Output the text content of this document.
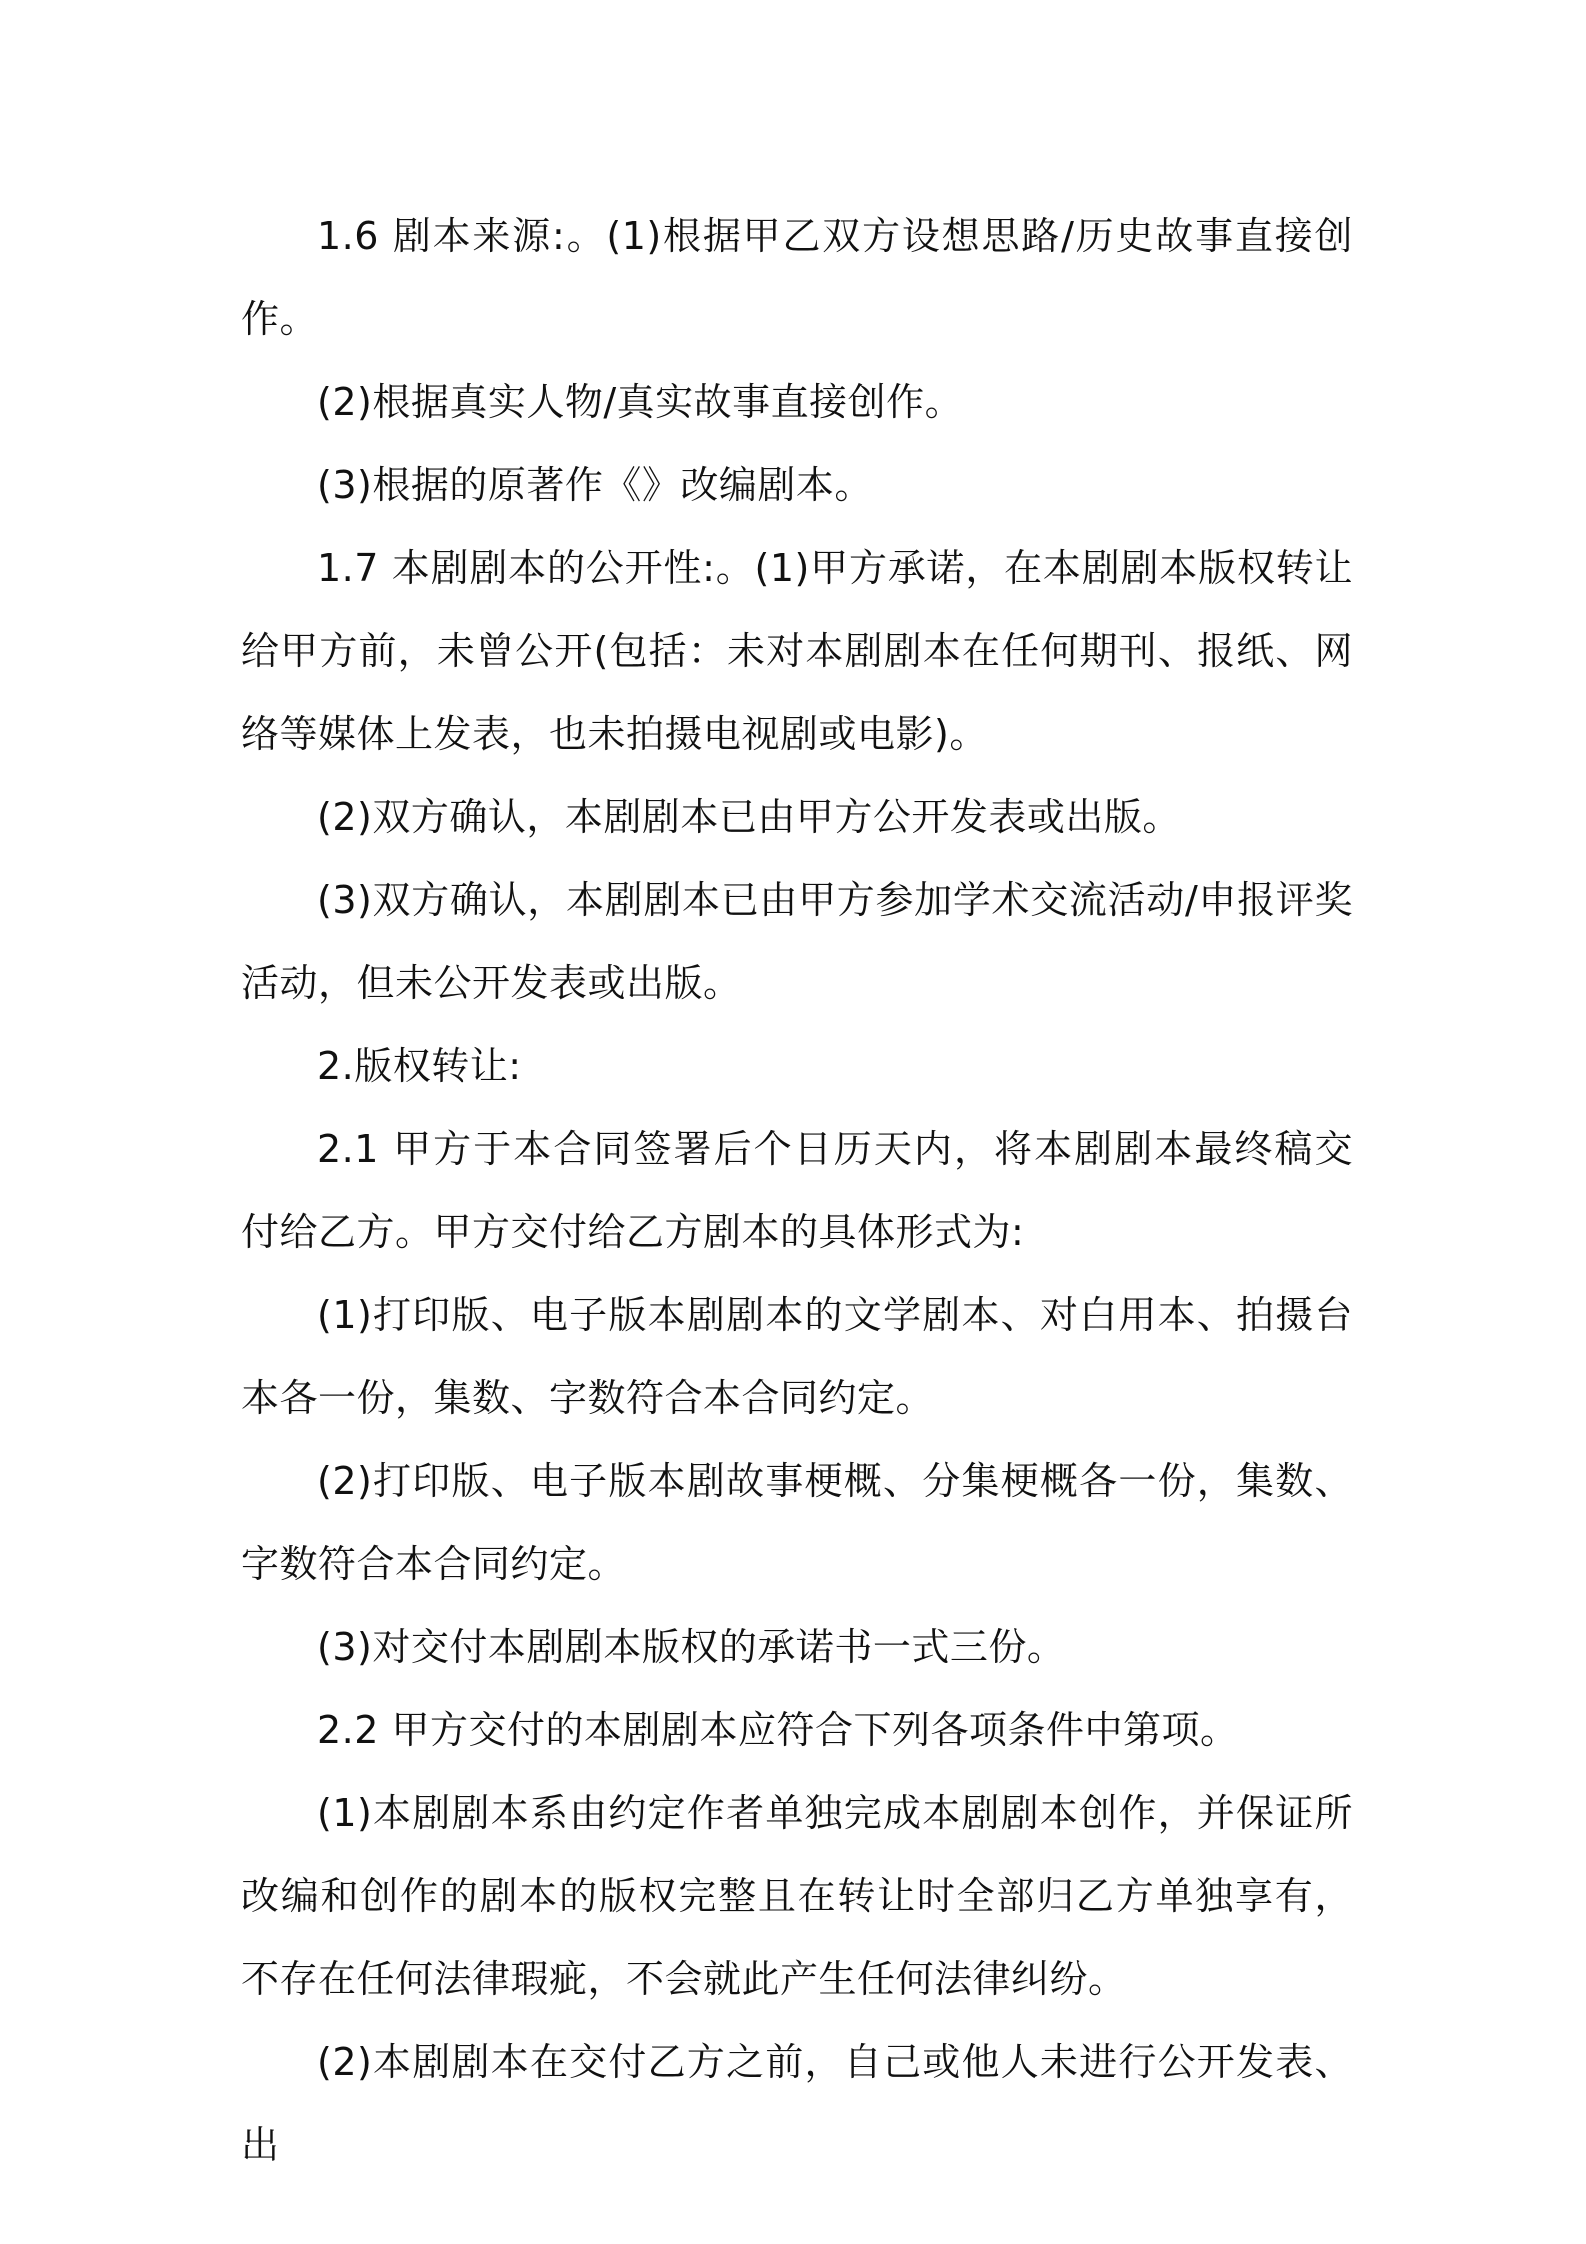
1.6 剧本来源:。(1)根据甲乙双方设想思路/历史故事直接创作。

(2)根据真实人物/真实故事直接创作。

(3)根据的原著作《》改编剧本。

1.7 本剧剧本的公开性:。(1)甲方承诺，在本剧剧本版权转让给甲方前，未曾公开(包括：未对本剧剧本在任何期刊、报纸、网络等媒体上发表，也未拍摄电视剧或电影)。

(2)双方确认，本剧剧本已由甲方公开发表或出版。

(3)双方确认，本剧剧本已由甲方参加学术交流活动/申报评奖活动，但未公开发表或出版。

2.版权转让:

2.1 甲方于本合同签署后个日历天内，将本剧剧本最终稿交付给乙方。甲方交付给乙方剧本的具体形式为:

(1)打印版、电子版本剧剧本的文学剧本、对白用本、拍摄台本各一份，集数、字数符合本合同约定。

(2)打印版、电子版本剧故事梗概、分集梗概各一份，集数、字数符合本合同约定。

(3)对交付本剧剧本版权的承诺书一式三份。

2.2 甲方交付的本剧剧本应符合下列各项条件中第项。

(1)本剧剧本系由约定作者单独完成本剧剧本创作，并保证所改编和创作的剧本的版权完整且在转让时全部归乙方单独享有，不存在任何法律瑕疵，不会就此产生任何法律纠纷。

(2)本剧剧本在交付乙方之前，自己或他人未进行公开发表、出
